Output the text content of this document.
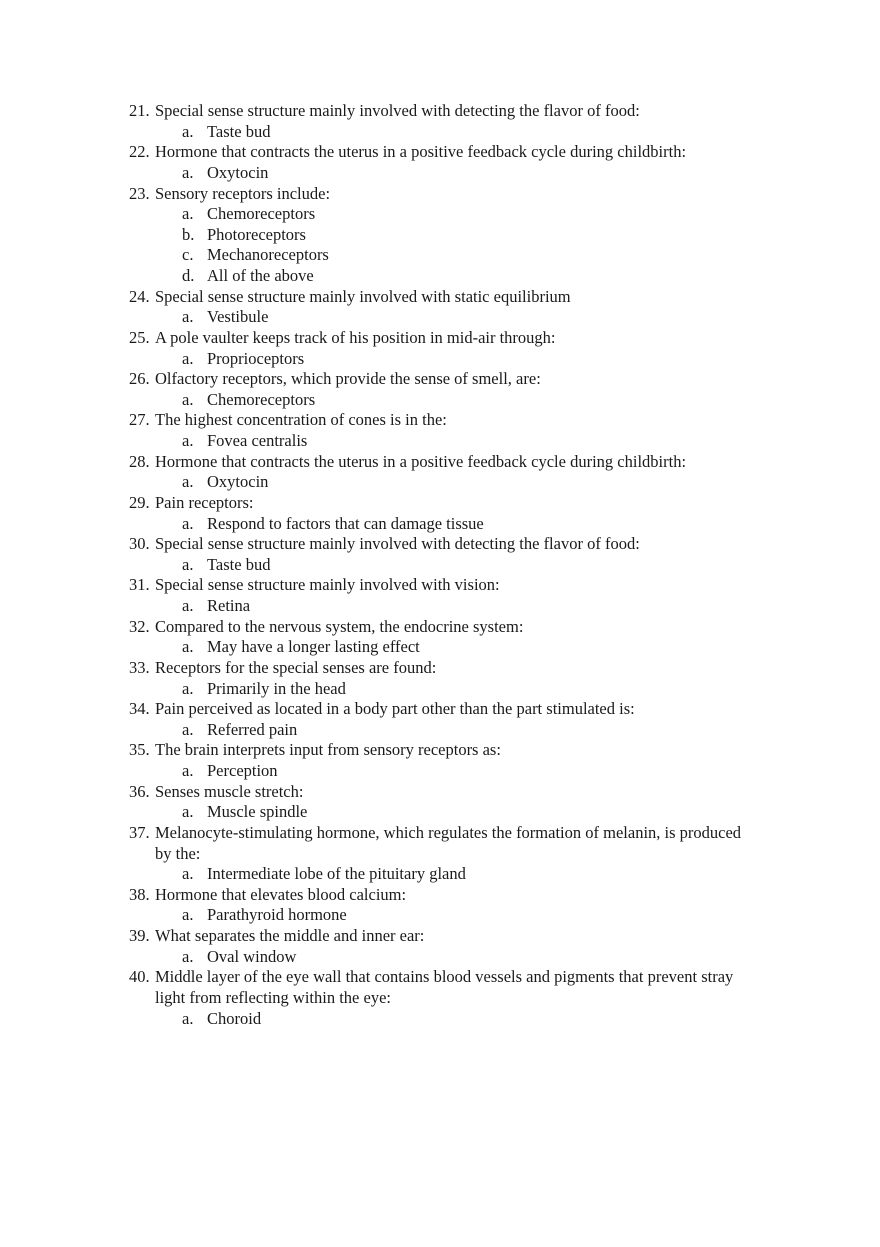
21. Special sense structure mainly involved with detecting the flavor of food:
a. Taste bud
22. Hormone that contracts the uterus in a positive feedback cycle during childbirth:
a. Oxytocin
23. Sensory receptors include:
a. Chemoreceptors
b. Photoreceptors
c. Mechanoreceptors
d. All of the above
24. Special sense structure mainly involved with static equilibrium
a. Vestibule
25. A pole vaulter keeps track of his position in mid-air through:
a. Proprioceptors
26. Olfactory receptors, which provide the sense of smell, are:
a. Chemoreceptors
27. The highest concentration of cones is in the:
a. Fovea centralis
28. Hormone that contracts the uterus in a positive feedback cycle during childbirth:
a. Oxytocin
29. Pain receptors:
a. Respond to factors that can damage tissue
30. Special sense structure mainly involved with detecting the flavor of food:
a. Taste bud
31. Special sense structure mainly involved with vision:
a. Retina
32. Compared to the nervous system, the endocrine system:
a. May have a longer lasting effect
33. Receptors for the special senses are found:
a. Primarily in the head
34. Pain perceived as located in a body part other than the part stimulated is:
a. Referred pain
35. The brain interprets input from sensory receptors as:
a. Perception
36. Senses muscle stretch:
a. Muscle spindle
37. Melanocyte-stimulating hormone, which regulates the formation of melanin, is produced
by the:
a. Intermediate lobe of the pituitary gland
38. Hormone that elevates blood calcium:
a. Parathyroid hormone
39. What separates the middle and inner ear:
a. Oval window
40. Middle layer of the eye wall that contains blood vessels and pigments that prevent stray
light from reflecting within the eye:
a. Choroid
